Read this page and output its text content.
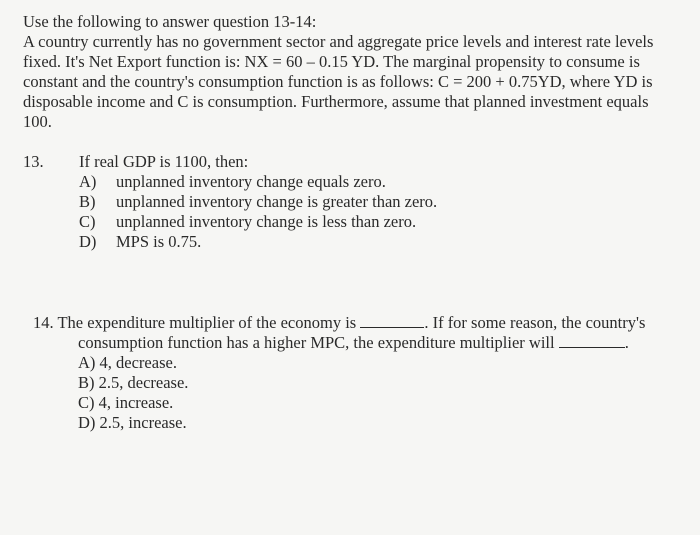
Use the following to answer question 13-14:

A country currently has no government sector and aggregate price levels and interest rate levels

fixed. It's Net Export function is: NX = 60 – 0.15 YD. The marginal propensity to consume is

constant and the country's consumption function is as follows: C = 200 + 0.75YD, where YD is

disposable income and C is consumption. Furthermore, assume that planned investment equals

100.

13.	If real GDP is 1100, then:
A)	unplanned inventory change equals zero.
B)	unplanned inventory change is greater than zero.
C)	unplanned inventory change is less than zero.
D)	MPS is 0.75.
14. The expenditure multiplier of the economy is	. If for some reason, the country's
consumption function has a higher MPC, the expenditure multiplier will	.
A) 4, decrease.
B) 2.5, decrease.
C) 4, increase.
D) 2.5, increase.
